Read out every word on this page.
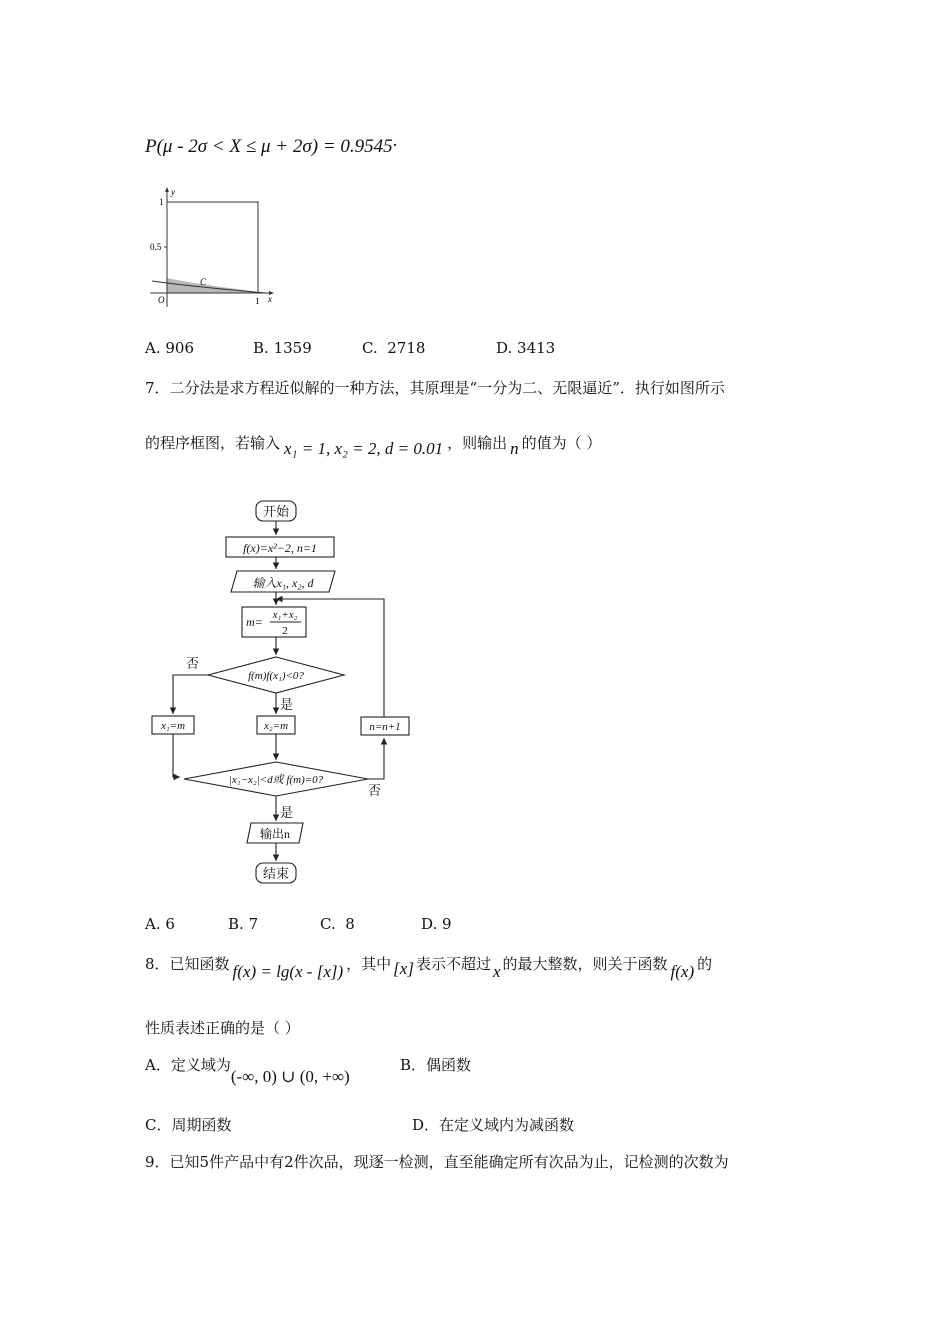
P(μ - 2σ < X ≤ μ + 2σ) = 0.9545.
y
x
O
1
0.5
1
C
A. 906	B. 1359	C. 2718	D. 3413
7．二分法是求方程近似解的一种方法，其原理是“一分为二、无限逼近”．执行如图所示
的程序框图，若输入 x₁ = 1, x₂ = 2, d = 0.01 ，则输出 n 的值为（ ）
开始
f(x)=x²−2, n=1
输入x₁, x₂, d
m= x₁+x₂
2
f(m)f(x₁)<0?
否
是
x₁=m	x₂=m	n=n+1
|x₁−x₂|<d或 f(m)=0?
否
是
输出n
结束
A. 6	B. 7	C. 8	D. 9
8．已知函数 f(x) = lg(x - [x]) ，其中 [x] 表示不超过 x 的最大整数，则关于函数 f(x) 的
性质表述正确的是（ ）
A．定义域为(-∞, 0) ∪ (0, +∞)
B．偶函数
C．周期函数	D．在定义域内为减函数
9．已知5件产品中有2件次品，现逐一检测，直至能确定所有次品为止，记检测的次数为
